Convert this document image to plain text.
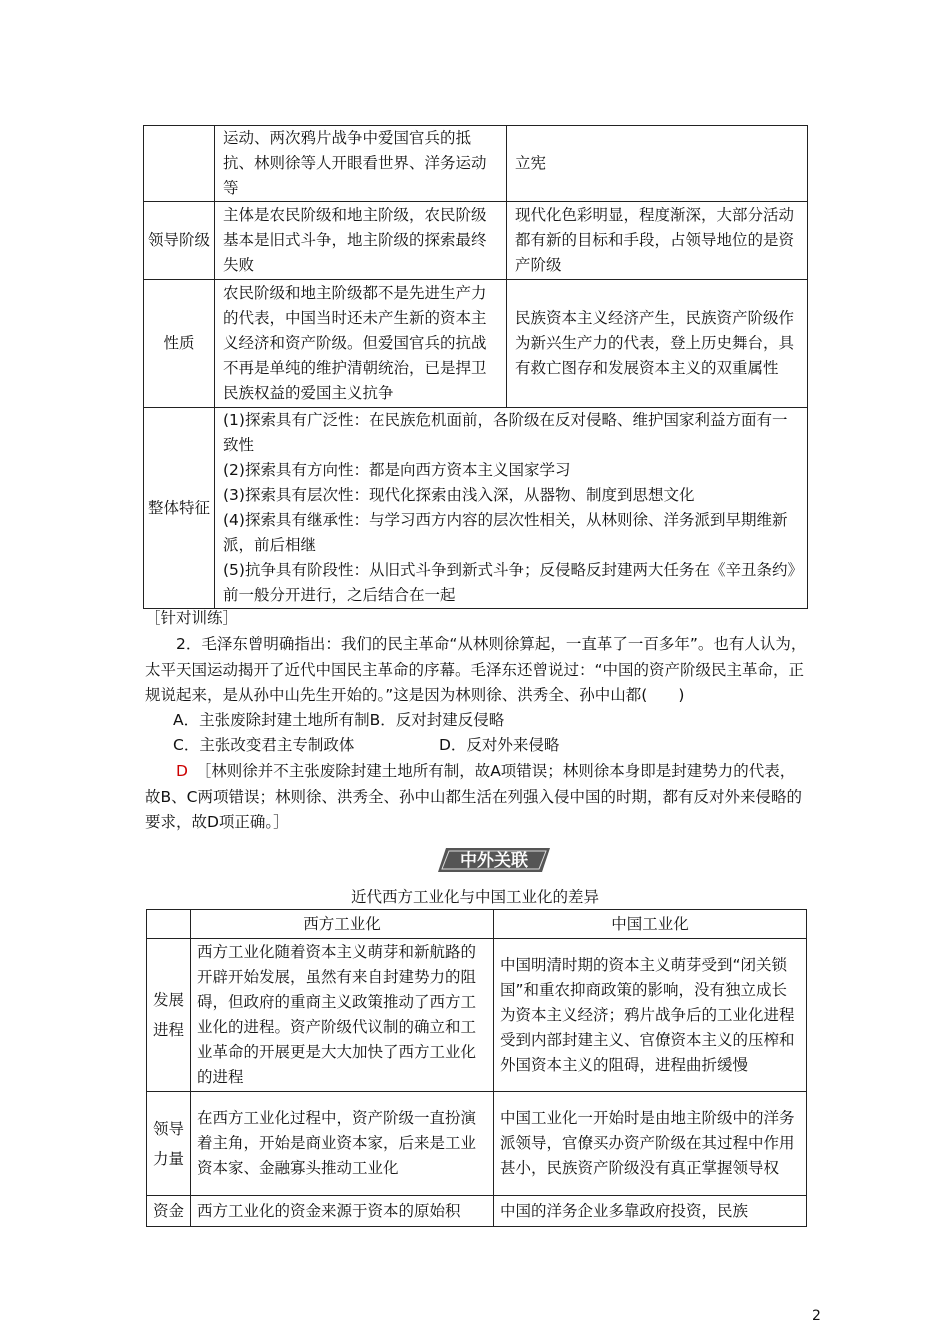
	运动、两次鸦片战争中爱国官兵的抵抗、林则徐等人开眼看世界、洋务运动等	立宪
领导阶级	主体是农民阶级和地主阶级，农民阶级基本是旧式斗争，地主阶级的探索最终失败	现代化色彩明显，程度渐深，大部分活动都有新的目标和手段，占领导地位的是资产阶级
性质	农民阶级和地主阶级都不是先进生产力的代表，中国当时还未产生新的资本主义经济和资产阶级。但爱国官兵的抗战不再是单纯的维护清朝统治，已是捍卫民族权益的爱国主义抗争	民族资本主义经济产生，民族资产阶级作为新兴生产力的代表，登上历史舞台，具有救亡图存和发展资本主义的双重属性
整体特征	(1)探索具有广泛性：在民族危机面前，各阶级在反对侵略、维护国家利益方面有一致性
(2)探索具有方向性：都是向西方资本主义国家学习
(3)探索具有层次性：现代化探索由浅入深，从器物、制度到思想文化
(4)探索具有继承性：与学习西方内容的层次性相关，从林则徐、洋务派到早期维新派，前后相继
(5)抗争具有阶段性：从旧式斗争到新式斗争；反侵略反封建两大任务在《辛丑条约》前一般分开进行，之后结合在一起	
［针对训练］
2．毛泽东曾明确指出：我们的民主革命“从林则徐算起，一直革了一百多年”。也有人认为，太平天国运动揭开了近代中国民主革命的序幕。毛泽东还曾说过：“中国的资产阶级民主革命，正规说起来，是从孙中山先生开始的。”这是因为林则徐、洪秀全、孙中山都(　　)
A．主张废除封建土地所有制B．反对封建反侵略
C．主张改变君主专制政体	D．反对外来侵略
D　 ［林则徐并不主张废除封建土地所有制，故A项错误；林则徐本身即是封建势力的代表，故B、C两项错误；林则徐、洪秀全、孙中山都生活在列强入侵中国的时期，都有反对外来侵略的要求，故D项正确。］
中外关联
近代西方工业化与中国工业化的差异
	西方工业化	中国工业化
发展进程	西方工业化随着资本主义萌芽和新航路的开辟开始发展，虽然有来自封建势力的阻碍，但政府的重商主义政策推动了西方工业化的进程。资产阶级代议制的确立和工业革命的开展更是大大加快了西方工业化的进程	中国明清时期的资本主义萌芽受到“闭关锁国”和重农抑商政策的影响，没有独立成长为资本主义经济；鸦片战争后的工业化进程受到内部封建主义、官僚资本主义的压榨和外国资本主义的阻碍，进程曲折缓慢
领导力量	在西方工业化过程中，资产阶级一直扮演着主角，开始是商业资本家，后来是工业资本家、金融寡头推动工业化	中国工业化一开始时是由地主阶级中的洋务派领导，官僚买办资产阶级在其过程中作用甚小，民族资产阶级没有真正掌握领导权
资金	西方工业化的资金来源于资本的原始积	中国的洋务企业多靠政府投资，民族
2
